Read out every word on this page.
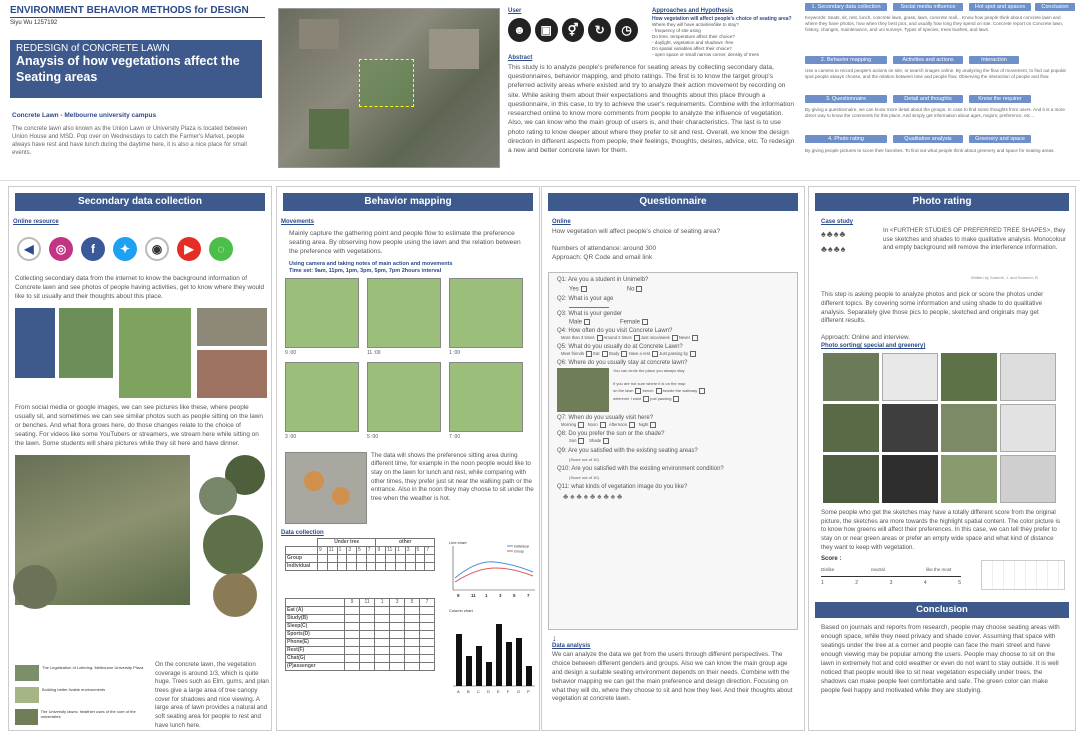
ENVIRONMENT BEHAVIOR METHODS for DESIGN
Siyu Wu 1257192
REDESIGN of CONCRETE LAWN
Anaysis of how vegetations affect the Seating areas
Concrete Lawn - Melbourne university campus
The concrete lawn also known as the Union Lawn or University Plaza is located between Union House and MSD. Pop over on Wednesdays to catch the Farmer's Market, people always have rest and have lunch during the daytime here, it is also a nice place for small events.
User
☻	▣	⚥	↻	◷
Approaches and Hypothesis
How vegetation will affect people's choice of seating area?
Where they will have activities/like to stay?
- frequency of site using
Do time, temperature affect their choice?
- daylight, vegetation and shadows -free
Do spatial variables affect their choice?
- open space or small narrow corner, density of trees
Abstract
This study is to analyze people's preference for seating areas by collecting secondary data, questionnaires, behavior mapping, and photo ratings. The first is to know the target group's preferred activity areas where existed and try to analyze their action movement by recording on site. While asking them about their expectations and thoughts about this place through a questionnaire, in this case, to try to achieve the user's requirements. Combine with the information researched online to know more comments from people to analyze the influence of vegetation. Also, we can know who the main group of users is, and their characteristics. The last is to use photo rating to know deeper about where they prefer to sit and rest. Overall, we know the design direction in different aspects from people, their feelings, thoughts, desires, advice, etc. To redesign a new and better concrete lawn for them.
1. Secondary data collection	Social media influence	Hot spot and spaces	Conclusion
Keywords: Seats, sit, rest, lunch, concrete lawn, grass, lawn, concrete mall... Know how people think about concrete lawn and where they have photos, how when they best pics, and usually how long they spend on site. Concrete report on Concrete lawn, history, changes, maintenance, and uni surveys. Types of species, trees bushes, and lawn.
2. Behavior mapping	Activities and actions	Interaction
Use a camera to record people's actions on site, or search images online. By analyzing the flow of movement, to find out popular spot people always choose, and the relation between time and people flow. Observing the interaction of people and flow.
3. Questionnaire	Detail and thoughts	Know the requirer
By giving a questionnaire, we can know more detail about the groups. In case to find some thoughts from users. And it is a more direct way to know the comments for this place. And simply get information about ages, majors, preference, etc...
4. Photo rating	Qualitative analysis	Greenery and space
By giving people pictures to score their favorites. To find out what people think about greenery and space for seating areas.
Secondary data collection
Online resource
◀	◎	f	✦	◉	▶	◌
Collecting secondary data from the internet to know the background information of Concrete lawn and see photos of people having activities, get to know where they would like to sit usually and their thoughts about this place.
From social media or google images, we can see pictures like these, where people usually sit, and sometimes we can see similar photos such as people sitting on the lawn or benches. And what flora grows here, do those changes relate to the choice of seating. For videos like some YouTubers or streamers, we stream here while sitting on the lawn. Some students will share pictures while they sit here and have dinner.
The Legalization of Loitering: Melbourne University Plaza
Building better livable environments
The University lawns: healthier uses of the core of the universities
On the concrete lawn, the vegetation coverage is around 1/3, which is quite huge. Trees such as Elm, gums, and plan trees give a large area of tree canopy cover for shadows and nice viewing. A large area of lawn provides a natural and soft seating area for people to rest and have lunch here.
Behavior mapping
Movements
Mainly capture the gathering point and people flow to estimate the preference seating area. By observing how people using the lawn and the relation between the preference with vegetations.
Using camera and taking notes of main action and movements
Time set: 9am, 11pm, 1pm, 3pm, 5pm, 7pm 2hours interval
9 :00	11 :00	1 :00
3 :00	5 :00	7 :00
The data will shows the preference sitting area during different time, for example in the noon people would like to stay on the lawn for lunch and rest, while comparing with other times, they prefer just sit near the walking path or the entrance. Also in the noon they may choose to sit under the tree when the weather is hot.
Data collection
	Under tree						other					
	9	11	1	3	5	7	9	11	1	3	5	7
Group												
Individual												
	9	11	1	3	5	7
Eat (A)						
Study(B)						
Sleep(C)						
Sports(D)						
Phone(E)						
Rest(F)						
Chat(G)						
(P)assenger						
Line chart
Individual
Group
9	11 1	3	5	7
Column chart
A B C D E F G P
Questionnaire
Online
How vegetation will affect people's choice of seating area?
Numbers of attendance: around 300
Approach: QR Code and email link
Q1: Are you a student in Unimelb?
Yes	No
Q2: What is your age
Q3: What is your gender
Male	Female
Q4: How often do you visit Concrete Lawn?
More than 3 times Around 2 times Just once/week Never
Q5: What do you usually do at Concrete Lawn?
Meet friends Eat Study Have a rest Just passing by
Q6: Where do you usually stay at concrete lawn?
You can circle the place you always stay
If you are not sure where it is on the map
on the lawn bench beside the walkway
wherever I want just passing
Q7: When do you usually visit here?
Morning	Noon	Afternoon	Night
Q8: Do you prefer the sun or the shade?
Sun	Shade
Q9: Are you satisfied with the existing seating areas?
(Score out of 10)
Q10: Are you satisfied with the existing environment condition?
(Score out of 10)
Q11: what kinds of vegetation image do you like?
♣♠♣♠♣♠♣♠♣
↓
Data analysis
We can analyze the data we get from the users through different perspectives. The choice between different genders and groups. Also we can know the main group age and design a suitable seating environment depends on their needs. Combine with the behavior mapping we can get the main preference and design direction. Focusing on what they will do, where they choose to sit and how they feel. And their thoughts about vegetation at concrete lawn.
Photo rating
Case study
♠♣♠♣
♣♠♣♠
In <FURTHER STUDIES OF PREFERRED TREE SHAPES>, they use sketches and shades to make qualitative analysis. Monocolour and empty background will remove the interference information.
Written by Summit, J. and Sommer, R.
This step is asking people to analyze photos and pick or score the photos under different topics. By covering some information and using shade to do qualitative analysis. Separately give those pics to people, sketched and originals may get different results.
Approach: Online and interview.
Photo sorting( special and greenery)
Some people who get the sketches may have a totally different score from the original picture, the sketches are more towards the highlight spatial content. The color picture is to know how greens will affect their preferences. In this case, we can tell they prefer to stay on or near green areas or prefer an empty wide space and what kind of distance they want to keep with vegetation.
Score :
Dislike	neutral	like the most
1	2	3	4	5
Conclusion
Based on journals and reports from research, people may choose seating areas with enough space, while they need privacy and shade cover. Assuming that space with seatings under the tree at a corner and people can face the main street and have enough viewing may be popular among the users. People may choose to sit on the lawn in extremely hot and cold weather or even do not want to stay outside. It is well noticed that people would like to sit near vegetation especially under trees, the shadows can make people feel comfortable and safe. The green color can make people feel happy and motivated while they are studying.
